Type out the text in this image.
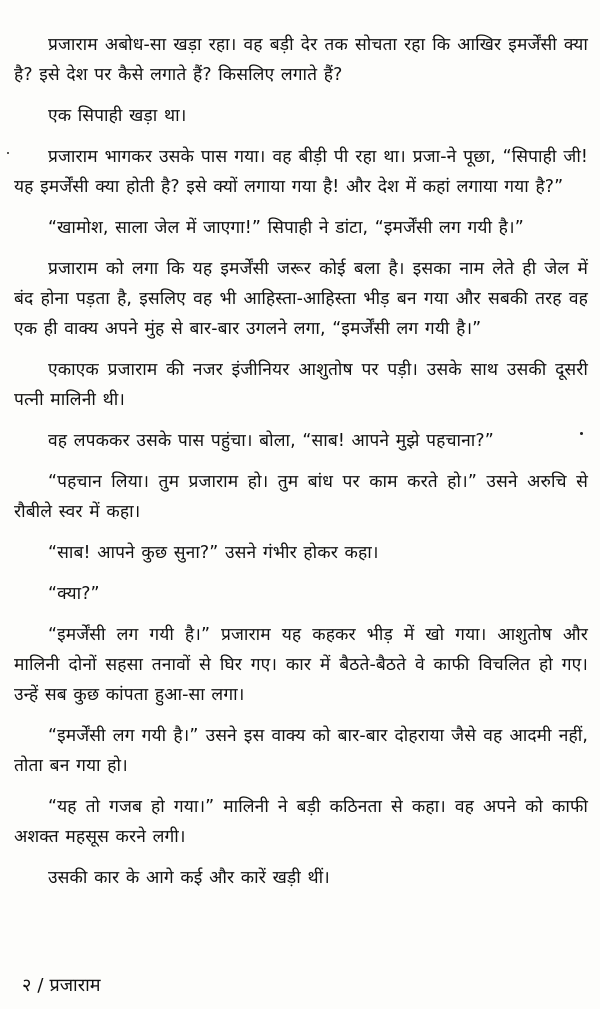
प्रजाराम अबोध-सा खड़ा रहा। वह बड़ी देर तक सोचता रहा कि आखिर इमर्जेंसी क्या है? इसे देश पर कैसे लगाते हैं? किसलिए लगाते हैं?

एक सिपाही खड़ा था।

प्रजाराम भागकर उसके पास गया। वह बीड़ी पी रहा था। प्रजा-ने पूछा, “सिपाही जी! यह इमर्जेंसी क्या होती है? इसे क्यों लगाया गया है! और देश में कहां लगाया गया है?”

“खामोश, साला जेल में जाएगा!” सिपाही ने डांटा, “इमर्जेंसी लग गयी है।”

प्रजाराम को लगा कि यह इमर्जेंसी जरूर कोई बला है। इसका नाम लेते ही जेल में बंद होना पड़ता है, इसलिए वह भी आहिस्ता-आहिस्ता भीड़ बन गया और सबकी तरह वह एक ही वाक्य अपने मुंह से बार-बार उगलने लगा, “इमर्जेंसी लग गयी है।”

एकाएक प्रजाराम की नजर इंजीनियर आशुतोष पर पड़ी। उसके साथ उसकी दूसरी पत्नी मालिनी थी।

वह लपककर उसके पास पहुंचा। बोला, “साब! आपने मुझे पहचाना?”

“पहचान लिया। तुम प्रजाराम हो। तुम बांध पर काम करते हो।” उसने अरुचि से रौबीले स्वर में कहा।

“साब! आपने कुछ सुना?” उसने गंभीर होकर कहा।

“क्या?”

“इमर्जेंसी लग गयी है।” प्रजाराम यह कहकर भीड़ में खो गया। आशुतोष और मालिनी दोनों सहसा तनावों से घिर गए। कार में बैठते-बैठते वे काफी विचलित हो गए। उन्हें सब कुछ कांपता हुआ-सा लगा।

“इमर्जेंसी लग गयी है।” उसने इस वाक्य को बार-बार दोहराया जैसे वह आदमी नहीं, तोता बन गया हो।

“यह तो गजब हो गया।” मालिनी ने बड़ी कठिनता से कहा। वह अपने को काफी अशक्त महसूस करने लगी।

उसकी कार के आगे कई और कारें खड़ी थीं।

२ / प्रजाराम
